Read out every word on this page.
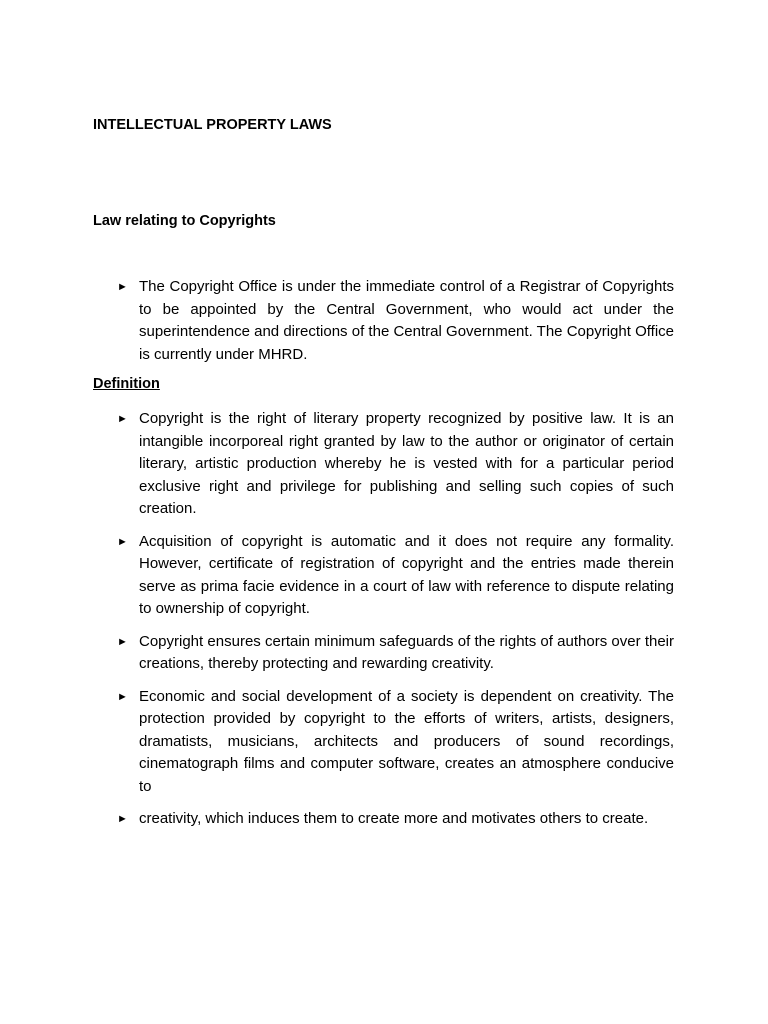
INTELLECTUAL PROPERTY LAWS
Law relating to Copyrights
► The Copyright Office is under the immediate control of a Registrar of Copyrights to be appointed by the Central Government, who would act under the superintendence and directions of the Central Government. The Copyright Office is currently under MHRD.
Definition
► Copyright is the right of literary property recognized by positive law. It is an intangible incorporeal right granted by law to the author or originator of certain literary, artistic production whereby he is vested with for a particular period exclusive right and privilege for publishing and selling such copies of such creation.
► Acquisition of copyright is automatic and it does not require any formality. However, certificate of registration of copyright and the entries made therein serve as prima facie evidence in a court of law with reference to dispute relating to ownership of copyright.
► Copyright ensures certain minimum safeguards of the rights of authors over their creations, thereby protecting and rewarding creativity.
► Economic and social development of a society is dependent on creativity. The protection provided by copyright to the efforts of writers, artists, designers, dramatists, musicians, architects and producers of sound recordings, cinematograph films and computer software, creates an atmosphere conducive to
► creativity, which induces them to create more and motivates others to create.
